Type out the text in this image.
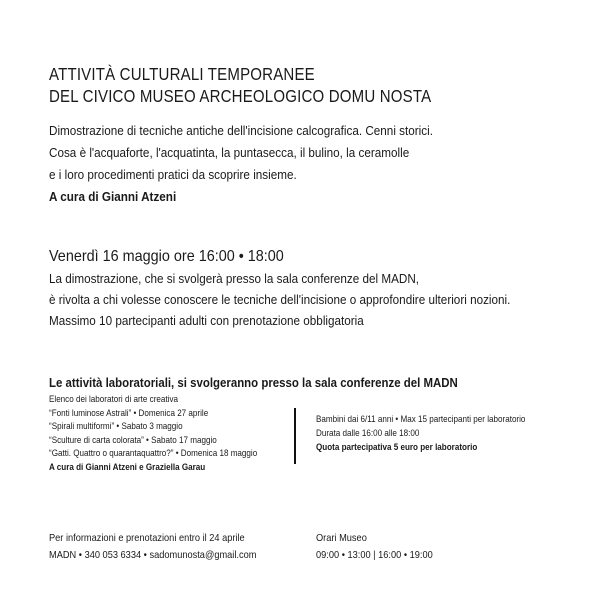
ATTIVITÀ CULTURALI TEMPORANEE
DEL CIVICO MUSEO ARCHEOLOGICO DOMU NOSTA
Dimostrazione di tecniche antiche dell'incisione calcografica. Cenni storici.
Cosa è l'acquaforte, l'acquatinta, la puntasecca, il bulino, la ceramolle
e i loro procedimenti pratici da scoprire insieme.
A cura di Gianni Atzeni
Venerdì 16 maggio ore 16:00 • 18:00
La dimostrazione, che si svolgerà presso la sala conferenze del MADN,
è rivolta a chi volesse conoscere le tecniche dell'incisione o approfondire ulteriori nozioni.
Massimo 10 partecipanti adulti con prenotazione obbligatoria
Le attività laboratoriali, si svolgeranno presso la sala conferenze del MADN
Elenco dei laboratori di arte creativa
“Fonti luminose Astrali” • Domenica 27 aprile
“Spirali multiformi” • Sabato 3 maggio
“Sculture di carta colorata” • Sabato 17 maggio
“Gatti. Quattro o quarantaquattro?” • Domenica 18 maggio
A cura di Gianni Atzeni e Graziella Garau
Bambini dai 6/11 anni • Max 15 partecipanti per laboratorio
Durata dalle 16:00 alle 18:00
Quota partecipativa 5 euro per laboratorio
Per informazioni e prenotazioni entro il 24 aprile
MADN • 340 053 6334 • sadomunosta@gmail.com
Orari Museo
09:00 • 13:00 | 16:00 • 19:00
